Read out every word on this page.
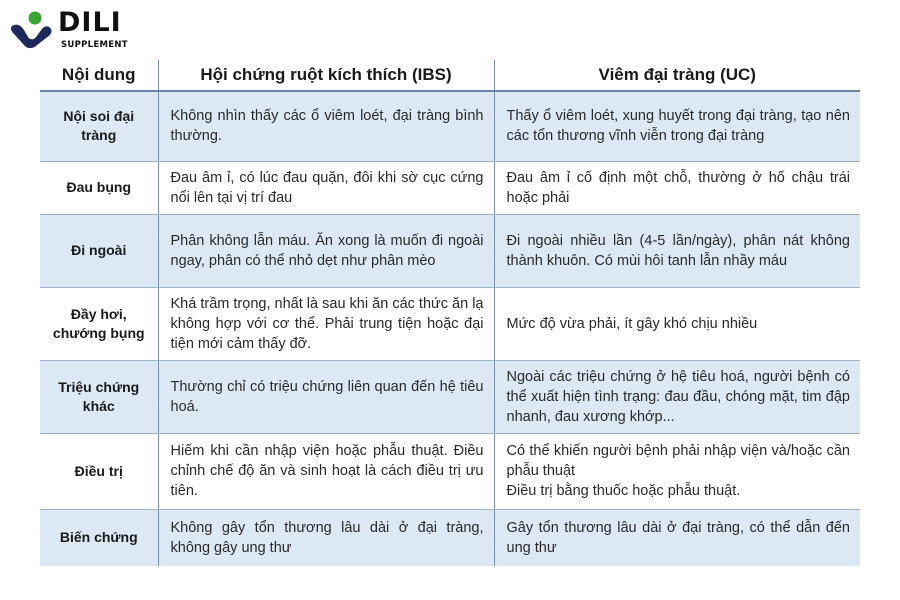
DILI
SUPPLEMENT
Nội dung	Hội chứng ruột kích thích (IBS)	Viêm đại tràng (UC)
Nội soi đại tràng	Không nhìn thấy các ổ viêm loét, đại tràng bình thường.	Thấy ổ viêm loét, xung huyết trong đại tràng, tạo nên các tổn thương vĩnh viễn trong đại tràng
Đau bụng	Đau âm ỉ, có lúc đau quặn, đôi khi sờ cục cứng nổi lên tại vị trí đau	Đau âm ỉ cố định một chỗ, thường ở hố chậu trái hoặc phải
Đi ngoài	Phân không lẫn máu. Ăn xong là muốn đi ngoài ngay, phân có thể nhỏ dẹt như phân mèo	Đi ngoài nhiều lần (4-5 lần/ngày), phân nát không thành khuôn. Có mùi hôi tanh lẫn nhầy máu
Đầy hơi, chướng bụng	Khá trầm trọng, nhất là sau khi ăn các thức ăn lạ không hợp với cơ thể. Phải trung tiện hoặc đại tiện mới cảm thấy đỡ.	Mức độ vừa phải, ít gây khó chịu nhiều
Triệu chứng khác	Thường chỉ có triệu chứng liên quan đến hệ tiêu hoá.	Ngoài các triệu chứng ở hệ tiêu hoá, người bệnh có thể xuất hiện tình trạng: đau đầu, chóng mặt, tim đập nhanh, đau xương khớp...
Điều trị	Hiếm khi cần nhập viện hoặc phẫu thuật. Điều chỉnh chế độ ăn và sinh hoạt là cách điều trị ưu tiên.	Có thể khiến người bệnh phải nhập viện và/hoặc cần phẫu thuật
Điều trị bằng thuốc hoặc phẫu thuật.
Biến chứng	Không gây tổn thương lâu dài ở đại tràng, không gây ung thư	Gây tổn thương lâu dài ở đại tràng, có thể dẫn đến ung thư
